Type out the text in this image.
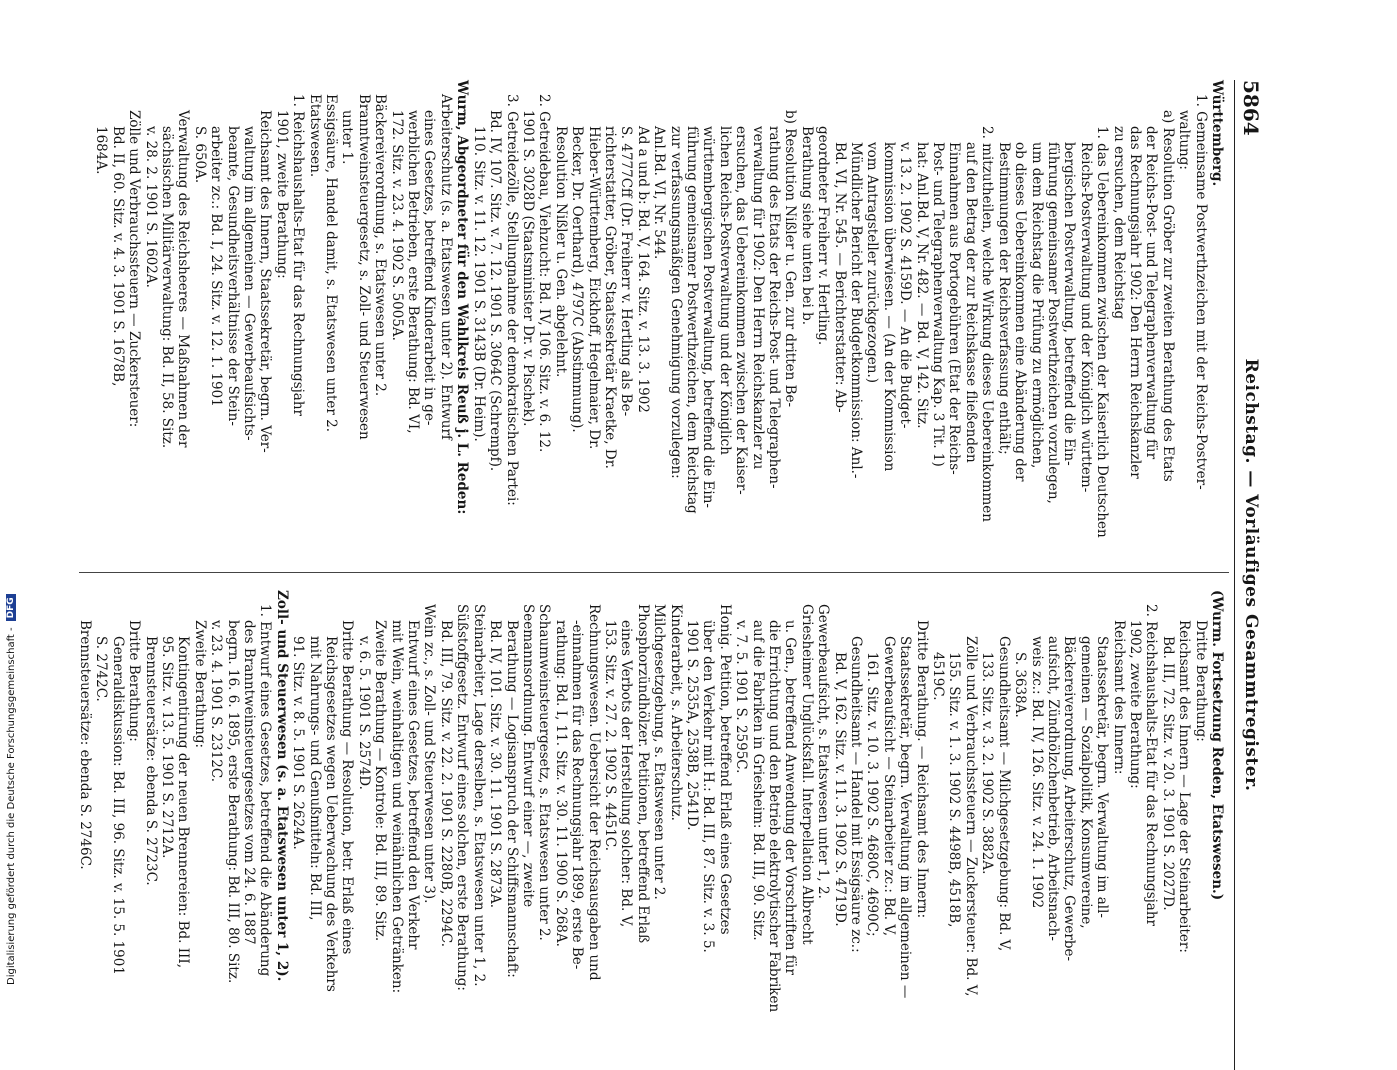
5864
Reichstag. — Vorläufiges Gesammtregister.

Württemberg.

1. Gemeinsame Postwerthzeichen mit der Reichs-Postver-

waltung:

a) Resolution Gröber zur zweiten Berathung des Etats

der Reichs-Post- und Telegraphenverwaltung für

das Rechnungsjahr 1902: Den Herrn Reichskanzler

zu ersuchen, dem Reichstag

1. das Uebereinkommen zwischen der Kaiserlich Deutschen

Reichs-Postverwaltung und der Königlich württem-

bergischen Postverwaltung, betreffend die Ein-

führung gemeinsamer Postwerthzeichen vorzulegen,

um dem Reichstag die Prüfung zu ermöglichen,

ob dieses Uebereinkommen eine Abänderung der

Bestimmungen der Reichsverfassung enthält;

2. mitzutheilen, welche Wirkung dieses Uebereinkommen

auf den Betrag der zur Reichskasse fließenden

Einnahmen aus Portogebühren (Etat der Reichs-

Post- und Telegraphenverwaltung Kap. 3 Tit. 1)

hat: Anl.Bd. V, Nr. 482. — Bd. V, 142. Sitz.

v. 13. 2. 1902 S. 4159D. — An die Budget-

kommission überwiesen. — (An der Kommission

vom Antragsteller zurückgezogen.)

Mündlicher Bericht der Budgetkommission: Anl.-

Bd. VI, Nr. 545. — Berichterstatter: Ab-

geordneter Freiherr v. Hertling.

Berathung siehe unten bei b.

b) Resolution Nißler u. Gen. zur dritten Be-

rathung des Etats der Reichs-Post- und Telegraphen-

verwaltung für 1902: Den Herrn Reichskanzler zu

ersuchen, das Uebereinkommen zwischen der Kaiser-

lichen Reichs-Postverwaltung und der Königlich

württembergischen Postverwaltung, betreffend die Ein-

führung gemeinsamer Postwerthzeichen, dem Reichstag

zur verfassungsmäßigen Genehmigung vorzulegen:

Anl.Bd. VI, Nr. 544.

Ad a und b: Bd. V, 164. Sitz. v. 13. 3. 1902

S. 4777Cff (Dr. Freiherr v. Hertling als Be-

richterstatter, Gröber, Staatssekretär Kraetke, Dr.

Hieber-Württemberg, Eickhoff, Hegelmaier, Dr.

Becker, Dr. Oerthard), 4797C (Abstimmung).

Resolution Nißler u. Gen. abgelehnt.

2. Getreidebau, Viehzucht: Bd. IV, 106. Sitz. v. 6. 12.

1901 S. 3028D (Staatsminister Dr. v. Pischek).

3. Getreidezölle, Stellungnahme der demokratischen Partei:

Bd. IV, 107. Sitz. v. 7. 12. 1901 S. 3064C (Schrempf).

110. Sitz. v. 11. 12. 1901 S. 3143B (Dr. Heim).

Wurm, Abgeordneter für den Wahlkreis Reuß j. L. Reden:

Arbeiterschutz (s. a. Etatswesen unter 2). Entwurf

eines Gesetzes, betreffend Kinderarbeit in ge-

werblichen Betrieben, erste Berathung: Bd. VI,

172. Sitz. v. 23. 4. 1902 S. 5005A.

Bäckereiverordnung, s. Etatswesen unter 2.

Branntweinsteuergesetz, s. Zoll- und Steuerwesen

unter 1.

Essigsäure, Handel damit, s. Etatswesen unter 2.

Etatswesen.

1. Reichshaushalts-Etat für das Rechnungsjahr

1901, zweite Berathung:

Reichsamt des Innern, Staatssekretär, begrn. Ver-

waltung im allgemeinen — Gewerbeaufsichts-

beamte, Gesundheitsverhältnisse der Stein-

arbeiter zc.: Bd. I, 24. Sitz. v. 12. 1. 1901

S. 650A.

Verwaltung des Reichsheeres — Maßnahmen der

sächsischen Militärverwaltung: Bd. II, 58. Sitz.

v. 28. 2. 1901 S. 1602A.

Zölle und Verbrauchssteuern — Zuckersteuer:

Bd. II, 60. Sitz. v. 4. 3. 1901 S. 1678B,

1684A.

(Wurm. Fortsetzung Reden, Etatswesen.)

Dritte Berathung:

Reichsamt des Innern — Lage der Steinarbeiter:

Bd. III, 72. Sitz. v. 20. 3. 1901 S. 2027D.

2. Reichshaushalts-Etat für das Rechnungsjahr

1902, zweite Berathung:

Reichsamt des Innern:

Staatssekretär, begrn. Verwaltung im all-

gemeinen — Sozialpolitik, Konsumvereine,

Bäckereiverordnung, Arbeiterschutz, Gewerbe-

aufsicht, Zündhölzchenbetrieb, Arbeitsnach-

weis zc.: Bd. IV, 126. Sitz. v. 24. 1. 1902

S. 3638A.

Gesundheitsamt — Milchgesetzgebung: Bd. V,

133. Sitz. v. 3. 2. 1902 S. 3882A.

Zölle und Verbrauchssteuern — Zuckersteuer: Bd. V,

155. Sitz. v. 1. 3. 1902 S. 4498B, 4518B,

4519C.

Dritte Berathung. — Reichsamt des Innern:

Staatssekretär, begrn. Verwaltung im allgemeinen —

Gewerbeaufsicht — Steinarbeiter zc.: Bd. V,

161. Sitz. v. 10. 3. 1902 S. 4680C, 4690C;

Gesundheitsamt — Handel mit Essigsäure zc.:

Bd. V, 162. Sitz. v. 11. 3. 1902 S. 4719D.

Gewerbeaufsicht, s. Etatswesen unter 1, 2.

Griesheimer Unglücksfall. Interpellation Albrecht

u. Gen., betreffend Anwendung der Vorschriften für

die Errichtung und den Betrieb elektrolytischer Fabriken

auf die Fabriken in Griesheim: Bd. III, 90. Sitz.

v. 7. 5. 1901 S. 2595C.

Honig. Petition, betreffend Erlaß eines Gesetzes

über den Verkehr mit H.: Bd. III, 87. Sitz. v. 3. 5.

1901 S. 2535A, 2538B, 2541D.

Kinderarbeit, s. Arbeiterschutz.

Milchgesetzgebung, s. Etatswesen unter 2.

Phosphorzündhölzer. Petitionen, betreffend Erlaß

eines Verbots der Herstellung solcher: Bd. V,

153. Sitz. v. 27. 2. 1902 S. 4451C.

Rechnungswesen. Uebersicht der Reichsausgaben und

-einnahmen für das Rechnungsjahr 1899, erste Be-

rathung: Bd. I, 11. Sitz. v. 30. 11. 1900 S. 268A.

Schaumweinsteuergesetz, s. Etatswesen unter 2.

Seemannsordnung. Entwurf einer —, zweite

Berathung — Logisanspruch der Schiffsmannschaft:

Bd. IV, 101. Sitz. v. 30. 11. 1901 S. 2873A.

Steinarbeiter, Lage derselben, s. Etatswesen unter 1, 2.

Süßstoffgesetz. Entwurf eines solchen, erste Berathung:

Bd. III, 79. Sitz. v. 22. 2. 1901 S. 2280B, 2294C.

Wein zc., s. Zoll- und Steuerwesen unter 3).

Entwurf eines Gesetzes, betreffend den Verkehr

mit Wein, weinhaltigen und weinähnlichen Getränken:

Zweite Berathung — Kontrole: Bd. III, 89. Sitz.

v. 6. 5. 1901 S. 2574D.

Dritte Berathung — Resolution, betr. Erlaß eines

Reichsgesetzes wegen Ueberwachung des Verkehrs

mit Nahrungs- und Genußmitteln: Bd. III,

91. Sitz. v. 8. 5. 1901 S. 2624A.

Zoll- und Steuerwesen (s. a. Etatswesen unter 1, 2).

1. Entwurf eines Gesetzes, betreffend die Abänderung

des Branntweinsteuergesetzes vom 24. 6. 1887

begrn. 16. 6. 1895, erste Berathung: Bd. III, 80. Sitz.

v. 23. 4. 1901 S. 2312C.

Zweite Berathung:

Kontingentirung der neuen Brennereien: Bd. III,

95. Sitz. v. 13. 5. 1901 S. 2712A.

Brennsteuersätze: ebenda S. 2723C.

Dritte Berathung:

Generaldiskussion: Bd. III, 96. Sitz. v. 15. 5. 1901

S. 2742C.

Brennsteuersätze: ebenda S. 2746C.

Digitalisierung gefördert durch die Deutsche Forschungsgemeinschaft -DFG
